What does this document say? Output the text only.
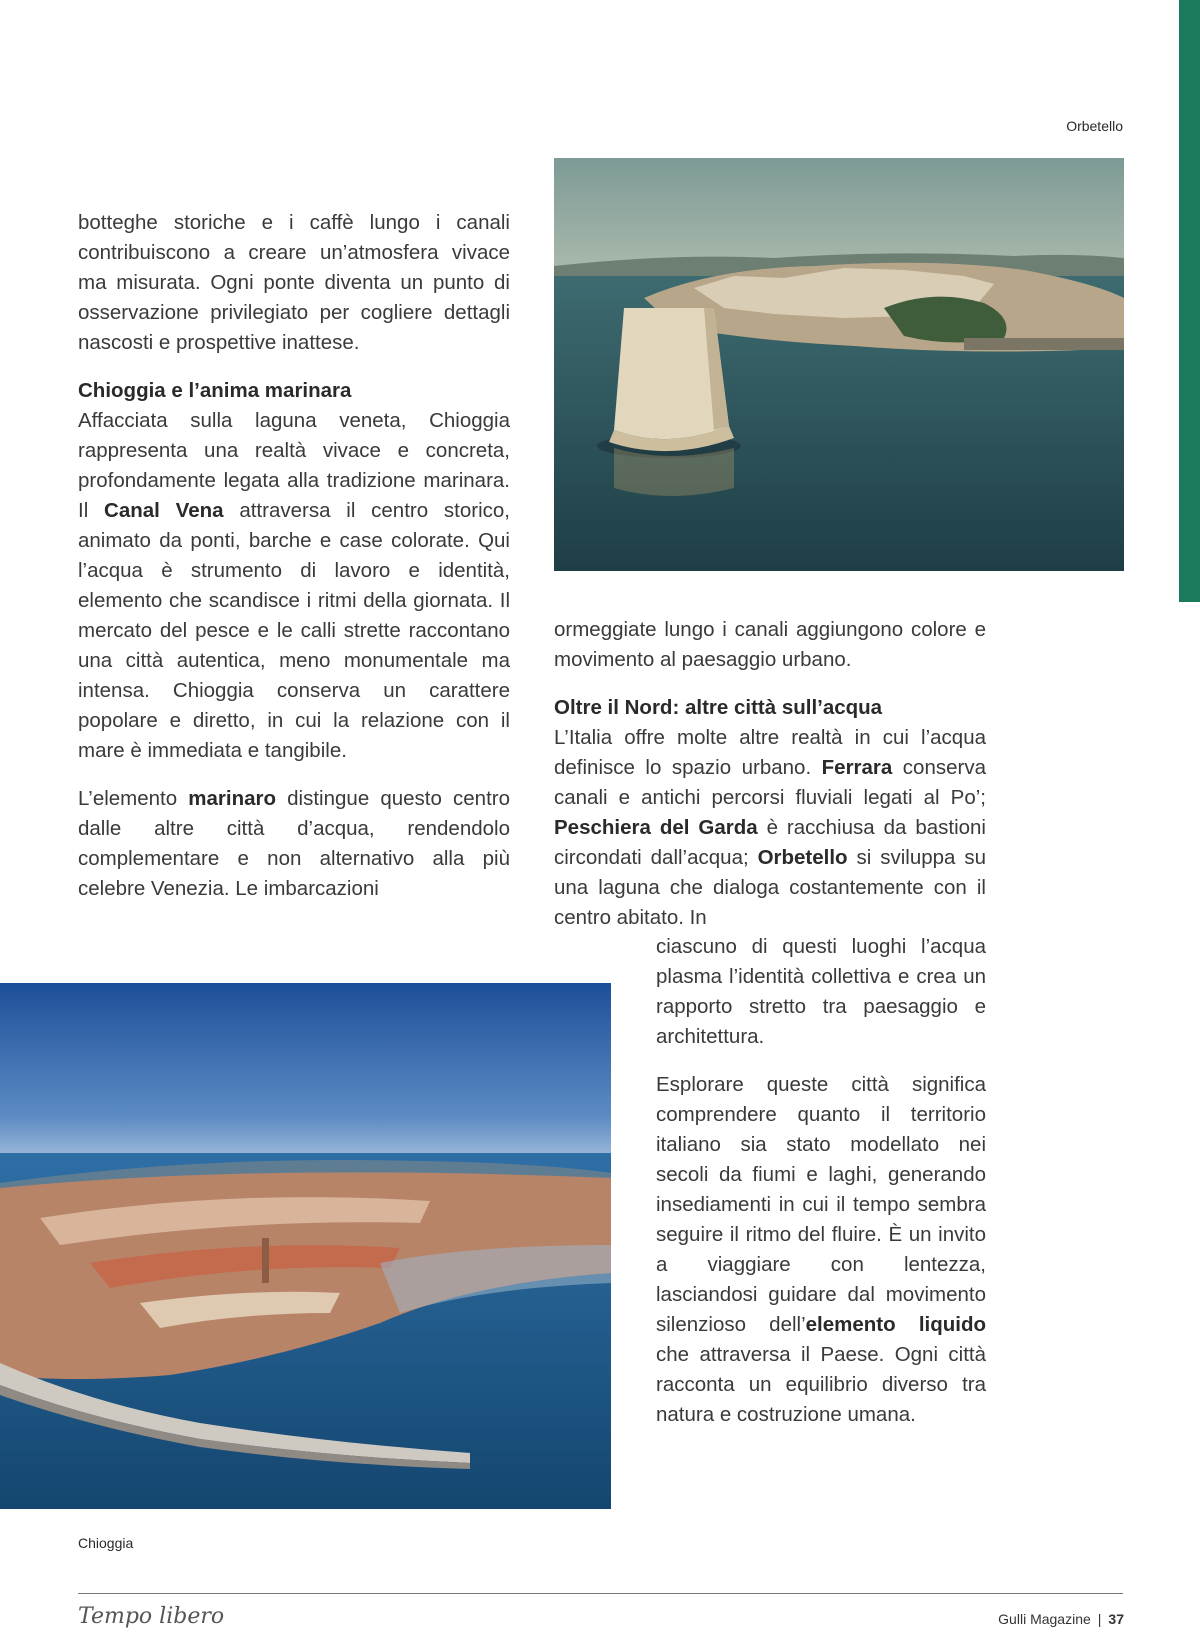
Orbetello

botteghe storiche e i caffè lungo i canali contribuiscono a creare un’atmosfera vivace ma misurata. Ogni ponte diventa un punto di osservazione privilegiato per cogliere dettagli nascosti e prospettive inattese.

Chioggia e l’anima marinara

Affacciata sulla laguna veneta, Chioggia rappresenta una realtà vivace e concreta, profondamente legata alla tradizione marinara. Il Canal Vena attraversa il centro storico, animato da ponti, barche e case colorate. Qui l’acqua è strumento di lavoro e identità, elemento che scandisce i ritmi della giornata. Il mercato del pesce e le calli strette raccontano una città autentica, meno monumentale ma intensa. Chioggia conserva un carattere popolare e diretto, in cui la relazione con il mare è immediata e tangibile.

L’elemento marinaro distingue questo centro dalle altre città d’acqua, rendendolo complementare e non alternativo alla più celebre Venezia. Le imbarcazioni

ormeggiate lungo i canali aggiungono colore e movimento al paesaggio urbano.

Oltre il Nord: altre città sull’acqua

L’Italia offre molte altre realtà in cui l’acqua definisce lo spazio urbano. Ferrara conserva canali e antichi percorsi fluviali legati al Po’; Peschiera del Garda è racchiusa da bastioni circondati dall’acqua; Orbetello si sviluppa su una laguna che dialoga costantemente con il centro abitato. In

ciascuno di questi luoghi l’acqua plasma l’identità collettiva e crea un rapporto stretto tra paesaggio e architettura.

Esplorare queste città significa comprendere quanto il territorio italiano sia stato modellato nei secoli da fiumi e laghi, generando insediamenti in cui il tempo sembra seguire il ritmo del fluire. È un invito a viaggiare con lentezza, lasciandosi guidare dal movimento silenzioso dell’elemento liquido che attraversa il Paese. Ogni città racconta un equilibrio diverso tra natura e costruzione umana.

Chioggia
Tempo libero	Gulli Magazine | 37
